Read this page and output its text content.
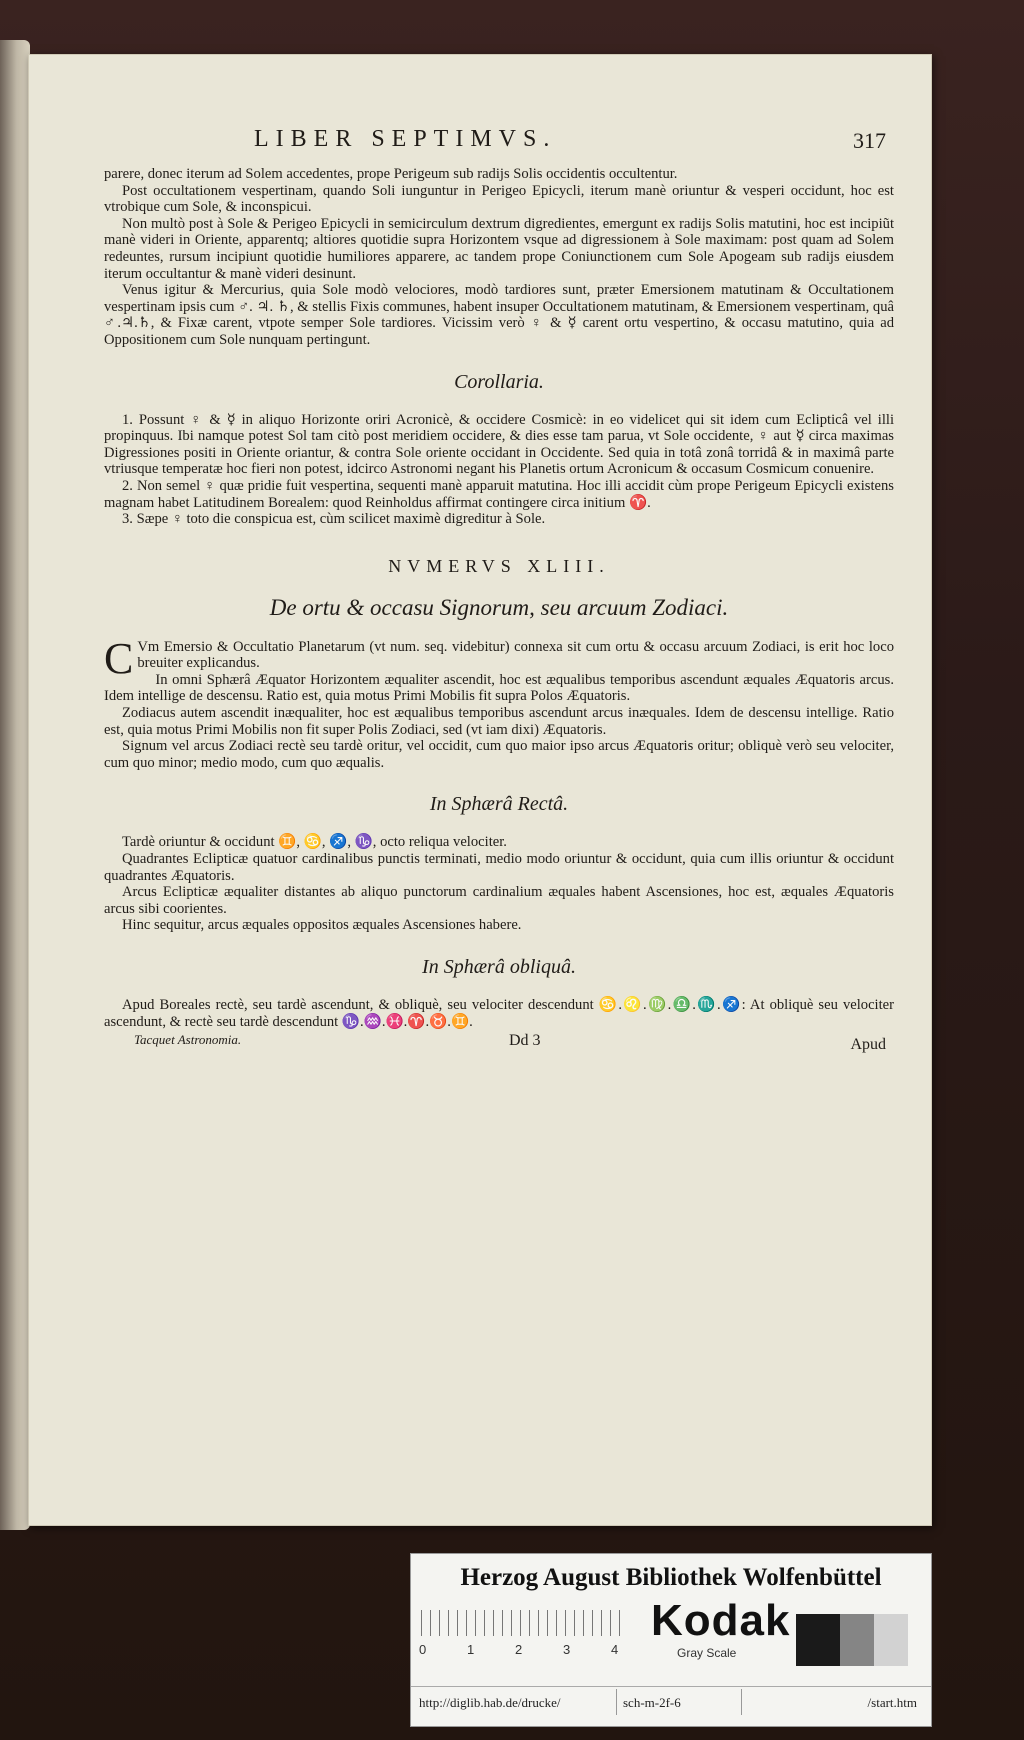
LIBER SEPTIMVS.	317

parere, donec iterum ad Solem accedentes, prope Perigeum sub radijs Solis occidentis occultentur.

Post occultationem vespertinam, quando Soli iunguntur in Perigeo Epicycli, iterum manè oriuntur & vesperi occidunt, hoc est vtrobique cum Sole, & inconspicui.

Non multò post à Sole & Perigeo Epicycli in semicirculum dextrum digredientes, emergunt ex radijs Solis matutini, hoc est incipiũt manè videri in Oriente, apparentq; altiores quotidie supra Horizontem vsque ad digressionem à Sole maximam: post quam ad Solem redeuntes, rursum incipiunt quotidie humiliores apparere, ac tandem prope Coniunctionem cum Sole Apogeam sub radijs eiusdem iterum occultantur & manè videri desinunt.

Venus igitur & Mercurius, quia Sole modò velociores, modò tardiores sunt, præter Emersionem matutinam & Occultationem vespertinam ipsis cum ♂. ♃. ♄, & stellis Fixis communes, habent insuper Occultationem matutinam, & Emersionem vespertinam, quâ ♂.♃.♄, & Fixæ carent, vtpote semper Sole tardiores. Vicissim verò ♀ & ☿ carent ortu vespertino, & occasu matutino, quia ad Oppositionem cum Sole nunquam pertingunt.

Corollaria.

1. Possunt ♀ & ☿ in aliquo Horizonte oriri Acronicè, & occidere Cosmicè: in eo videlicet qui sit idem cum Eclipticâ vel illi propinquus. Ibi namque potest Sol tam citò post meridiem occidere, & dies esse tam parua, vt Sole occidente, ♀ aut ☿ circa maximas Digressiones positi in Oriente oriantur, & contra Sole oriente occidant in Occidente. Sed quia in totâ zonâ torridâ & in maximâ parte vtriusque temperatæ hoc fieri non potest, idcirco Astronomi negant his Planetis ortum Acronicum & occasum Cosmicum conuenire.

2. Non semel ♀ quæ pridie fuit vespertina, sequenti manè apparuit matutina. Hoc illi accidit cùm prope Perigeum Epicycli existens magnam habet Latitudinem Borealem: quod Reinholdus affirmat contingere circa initium ♈.

3. Sæpe ♀ toto die conspicua est, cùm scilicet maximè digreditur à Sole.

NVMERVS XLIII.
De ortu & occasu Signorum, seu arcuum Zodiaci.

C Vm Emersio & Occultatio Planetarum (vt num. seq. videbitur) connexa sit cum ortu & occasu arcuum Zodiaci, is erit hoc loco breuiter explicandus.

In omni Sphærâ Æquator Horizontem æqualiter ascendit, hoc est æqualibus temporibus ascendunt æquales Æquatoris arcus. Idem intellige de descensu. Ratio est, quia motus Primi Mobilis fit supra Polos Æquatoris.

Zodiacus autem ascendit inæqualiter, hoc est æqualibus temporibus ascendunt arcus inæquales. Idem de descensu intellige. Ratio est, quia motus Primi Mobilis non fit super Polis Zodiaci, sed (vt iam dixi) Æquatoris.

Signum vel arcus Zodiaci rectè seu tardè oritur, vel occidit, cum quo maior ipso arcus Æquatoris oritur; obliquè verò seu velociter, cum quo minor; medio modo, cum quo æqualis.

In Sphærâ Rectâ.

Tardè oriuntur & occidunt ♊, ♋, ♐, ♑, octo reliqua velociter.

Quadrantes Eclipticæ quatuor cardinalibus punctis terminati, medio modo oriuntur & occidunt, quia cum illis oriuntur & occidunt quadrantes Æquatoris.

Arcus Eclipticæ æqualiter distantes ab aliquo punctorum cardinalium æquales habent Ascensiones, hoc est, æquales Æquatoris arcus sibi coorientes.

Hinc sequitur, arcus æquales oppositos æquales Ascensiones habere.

In Sphærâ obliquâ.

Apud Boreales rectè, seu tardè ascendunt, & obliquè, seu velociter descendunt ♋.♌.♍.♎.♏.♐: At obliquè seu velociter ascendunt, & rectè seu tardè descendunt ♑.♒.♓.♈.♉.♊.

Tacquet Astronomia.	Dd 3	Apud
Herzog August Bibliothek Wolfenbüttel
0	1	2	3	4
Kodak
Gray Scale
http://diglib.hab.de/drucke/	sch-m-2f-6	/start.htm
